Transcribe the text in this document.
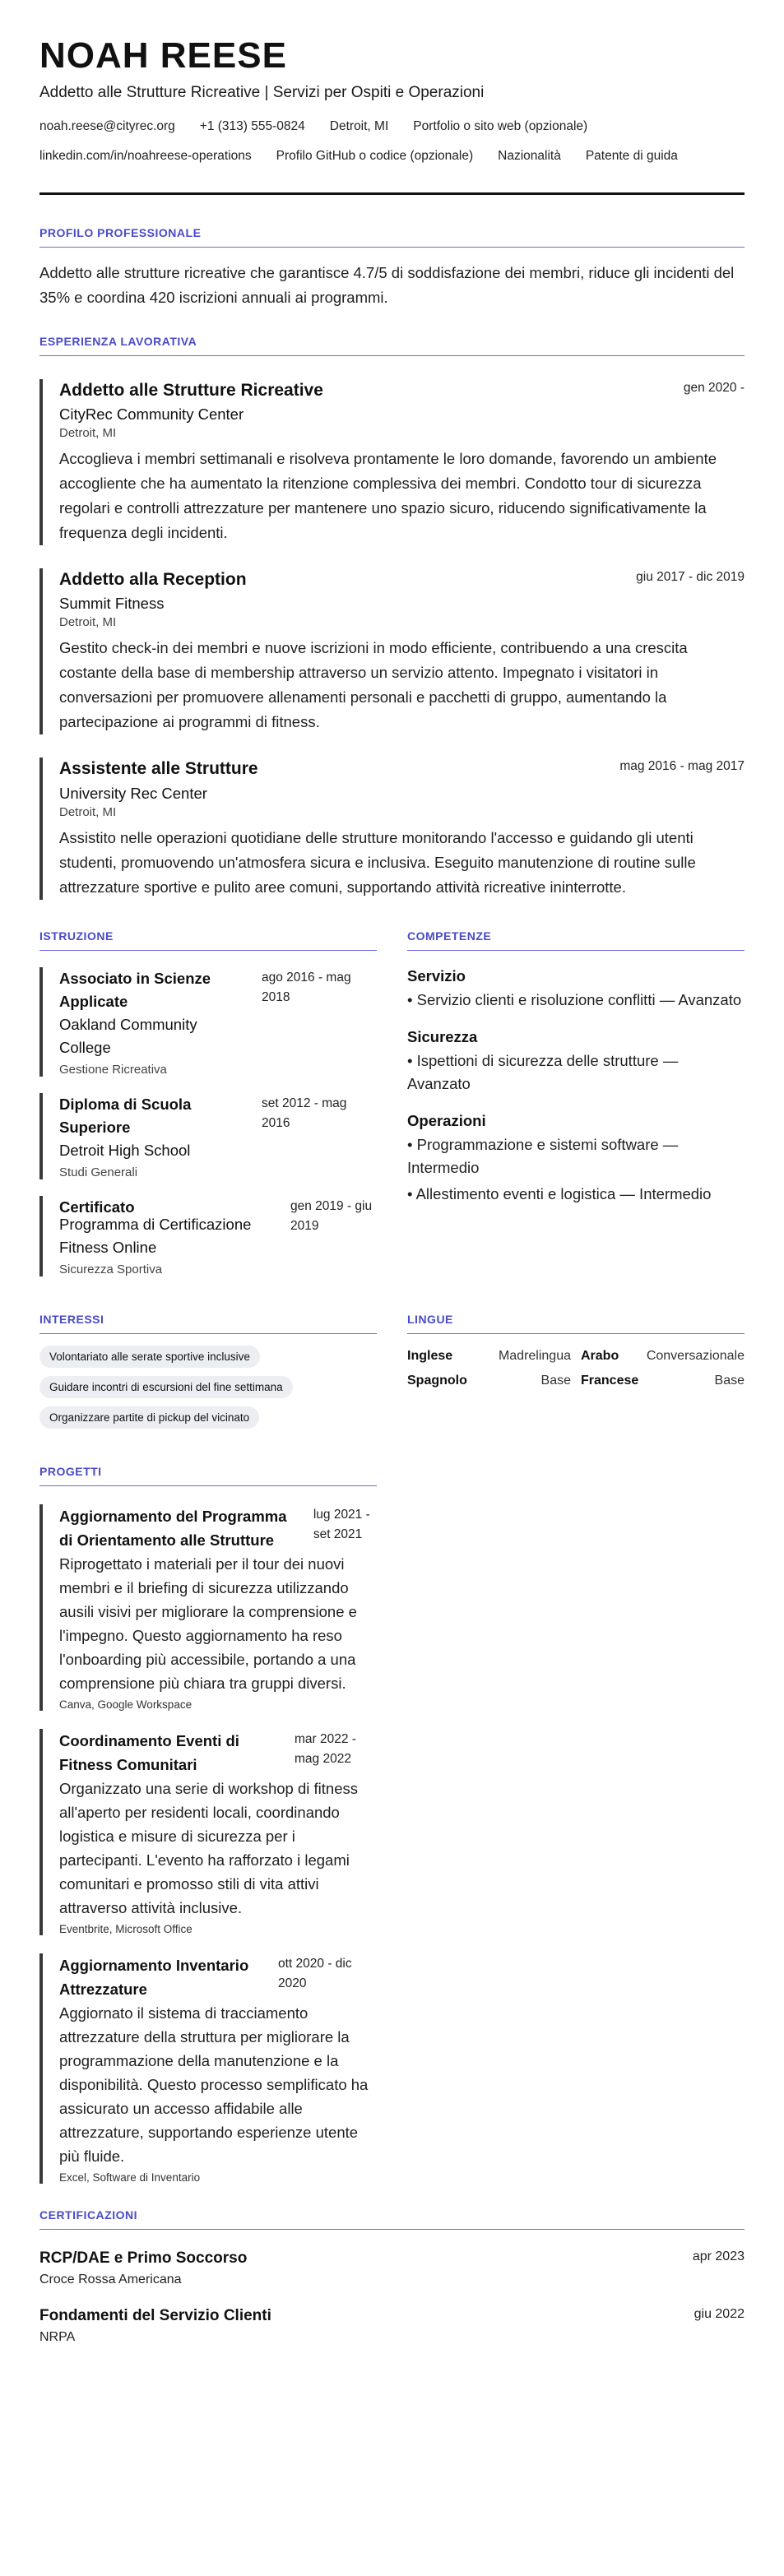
NOAH REESE
Addetto alle Strutture Ricreative | Servizi per Ospiti e Operazioni
noah.reese@cityrec.org +1 (313) 555-0824 Detroit, MI Portfolio o sito web (opzionale)
linkedin.com/in/noahreese-operations Profilo GitHub o codice (opzionale) Nazionalità Patente di guida
PROFILO PROFESSIONALE
Addetto alle strutture ricreative che garantisce 4.7/5 di soddisfazione dei membri, riduce gli incidenti del 35% e coordina 420 iscrizioni annuali ai programmi.
ESPERIENZA LAVORATIVA
Addetto alle Strutture Ricreative	gen 2020 -
CityRec Community Center
Detroit, MI
Accoglieva i membri settimanali e risolveva prontamente le loro domande, favorendo un ambiente accogliente che ha aumentato la ritenzione complessiva dei membri. Condotto tour di sicurezza regolari e controlli attrezzature per mantenere uno spazio sicuro, riducendo significativamente la frequenza degli incidenti.
Addetto alla Reception	giu 2017 - dic 2019
Summit Fitness
Detroit, MI
Gestito check-in dei membri e nuove iscrizioni in modo efficiente, contribuendo a una crescita costante della base di membership attraverso un servizio attento. Impegnato i visitatori in conversazioni per promuovere allenamenti personali e pacchetti di gruppo, aumentando la partecipazione ai programmi di fitness.
Assistente alle Strutture	mag 2016 - mag 2017
University Rec Center
Detroit, MI
Assistito nelle operazioni quotidiane delle strutture monitorando l'accesso e guidando gli utenti studenti, promuovendo un'atmosfera sicura e inclusiva. Eseguito manutenzione di routine sulle attrezzature sportive e pulito aree comuni, supportando attività ricreative ininterrotte.
ISTRUZIONE
Associato in Scienze Applicate
ago 2016 - mag 2018
Oakland Community College
Gestione Ricreativa
Diploma di Scuola Superiore
set 2012 - mag 2016
Detroit High School
Studi Generali
Certificato	gen 2019 - giu 2019
Programma di Certificazione Fitness Online
Sicurezza Sportiva
COMPETENZE
Servizio
• Servizio clienti e risoluzione conflitti — Avanzato
Sicurezza
• Ispettioni di sicurezza delle strutture — Avanzato
Operazioni
• Programmazione e sistemi software — Intermedio
• Allestimento eventi e logistica — Intermedio
INTERESSI
Volontariato alle serate sportive inclusive
Guidare incontri di escursioni del fine settimana
Organizzare partite di pickup del vicinato
LINGUE
Inglese	Madrelingua Arabo Conversazionale
Spagnolo	Base Francese	Base
PROGETTI
Aggiornamento del Programma di Orientamento alle Strutture
lug 2021 - set 2021
Riprogettato i materiali per il tour dei nuovi membri e il briefing di sicurezza utilizzando ausili visivi per migliorare la comprensione e l'impegno. Questo aggiornamento ha reso l'onboarding più accessibile, portando a una comprensione più chiara tra gruppi diversi.
Canva, Google Workspace
Coordinamento Eventi di Fitness Comunitari
mar 2022 - mag 2022
Organizzato una serie di workshop di fitness all'aperto per residenti locali, coordinando logistica e misure di sicurezza per i partecipanti. L'evento ha rafforzato i legami comunitari e promosso stili di vita attivi attraverso attività inclusive.
Eventbrite, Microsoft Office
Aggiornamento Inventario Attrezzature
ott 2020 - dic 2020
Aggiornato il sistema di tracciamento attrezzature della struttura per migliorare la programmazione della manutenzione e la disponibilità. Questo processo semplificato ha assicurato un accesso affidabile alle attrezzature, supportando esperienze utente più fluide.
Excel, Software di Inventario
CERTIFICAZIONI
RCP/DAE e Primo Soccorso	apr 2023
Croce Rossa Americana
Fondamenti del Servizio Clienti	giu 2022
NRPA
